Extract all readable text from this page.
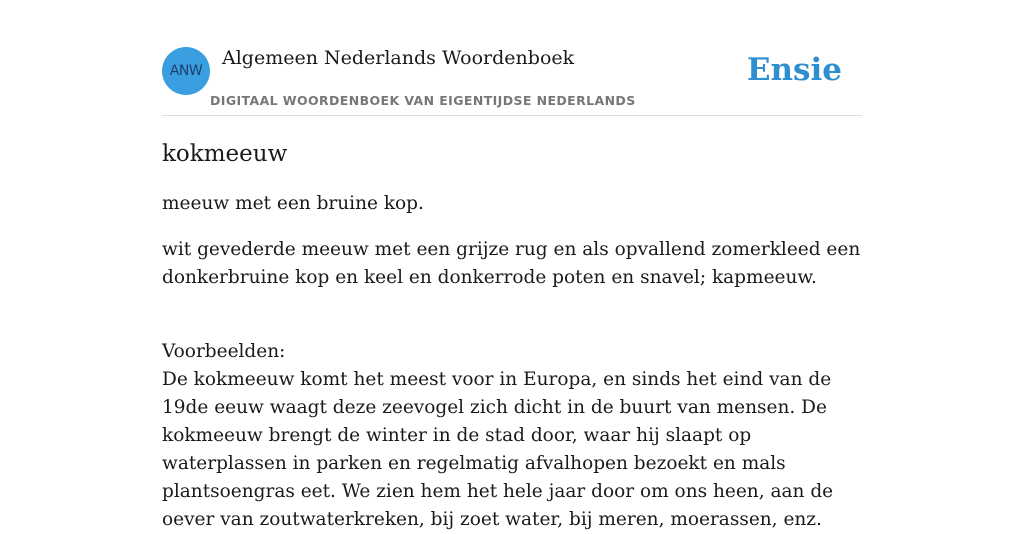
ANW
Algemeen Nederlands Woordenboek
DIGITAAL WOORDENBOEK VAN EIGENTIJDSE NEDERLANDS
Ensie
kokmeeuw

meeuw met een bruine kop.

wit gevederde meeuw met een grijze rug en als opvallend zomerkleed een donkerbruine kop en keel en donkerrode poten en snavel; kapmeeuw.

Voorbeelden:

De kokmeeuw komt het meest voor in Europa, en sinds het eind van de 19de eeuw waagt deze zeevogel zich dicht in de buurt van mensen. De kokmeeuw brengt de winter in de stad door, waar hij slaapt op waterplassen in parken en regelmatig afvalhopen bezoekt en mals plantsoengras eet. We zien hem het hele jaar door om ons heen, aan de oever van zoutwaterkreken, bij zoet water, bij meren, moerassen, enz.
